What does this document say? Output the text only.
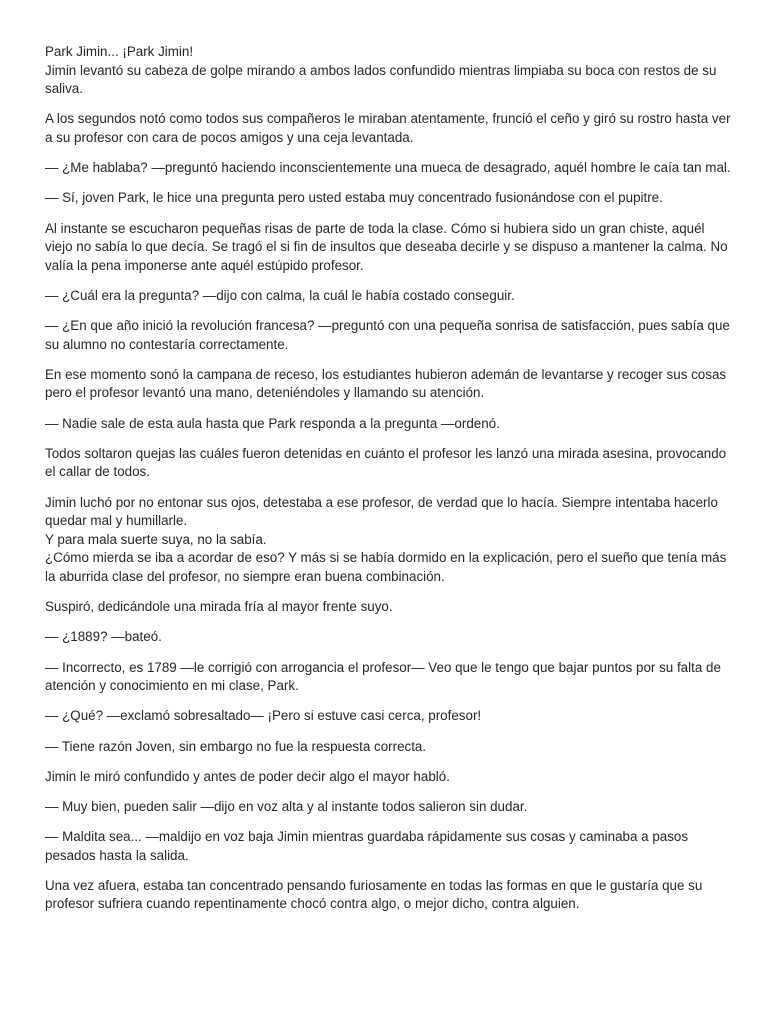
Park Jimin... ¡Park Jimin!
Jimin levantó su cabeza de golpe mirando a ambos lados confundido mientras limpiaba su boca con restos de su saliva.
A los segundos notó como todos sus compañeros le miraban atentamente, frunció el ceño y giró su rostro hasta ver a su profesor con cara de pocos amigos y una ceja levantada.
— ¿Me hablaba? —preguntó haciendo inconscientemente una mueca de desagrado, aquél hombre le caía tan mal.
— Sí, joven Park, le hice una pregunta pero usted estaba muy concentrado fusionándose con el pupitre.
Al instante se escucharon pequeñas risas de parte de toda la clase. Cómo si hubiera sido un gran chiste, aquél viejo no sabía lo que decía. Se tragó el si fin de insultos que deseaba decirle y se dispuso a mantener la calma. No valía la pena imponerse ante aquél estúpido profesor.
— ¿Cuál era la pregunta? —dijo con calma, la cuál le había costado conseguir.
— ¿En que año inició la revolución francesa? —preguntó con una pequeña sonrisa de satisfacción, pues sabía que su alumno no contestaría correctamente.
En ese momento sonó la campana de receso, los estudiantes hubieron ademán de levantarse y recoger sus cosas pero el profesor levantó una mano, deteniéndoles y llamando su atención.
— Nadie sale de esta aula hasta que Park responda a la pregunta —ordenó.
Todos soltaron quejas las cuáles fueron detenidas en cuánto el profesor les lanzó una mirada asesina, provocando el callar de todos.
Jimin luchó por no entonar sus ojos, detestaba a ese profesor, de verdad que lo hacía. Siempre intentaba hacerlo quedar mal y humillarle.
Y para mala suerte suya, no la sabía.
¿Cómo mierda se iba a acordar de eso? Y más si se había dormido en la explicación, pero el sueño que tenía más la aburrida clase del profesor, no siempre eran buena combinación.
Suspiró, dedicándole una mirada fría al mayor frente suyo.
— ¿1889? —bateó.
— Incorrecto, es 1789 —le corrigió con arrogancia el profesor— Veo que le tengo que bajar puntos por su falta de atención y conocimiento en mi clase, Park.
— ¿Qué? —exclamó sobresaltado— ¡Pero si estuve casi cerca, profesor!
— Tiene razón Joven, sin embargo no fue la respuesta correcta.
Jimin le miró confundido y antes de poder decir algo el mayor habló.
— Muy bien, pueden salir —dijo en voz alta y al instante todos salieron sin dudar.
— Maldita sea... —maldijo en voz baja Jimin mientras guardaba rápidamente sus cosas y caminaba a pasos pesados hasta la salida.
Una vez afuera, estaba tan concentrado pensando furiosamente en todas las formas en que le gustaría que su profesor sufriera cuando repentinamente chocó contra algo, o mejor dicho, contra alguien.
